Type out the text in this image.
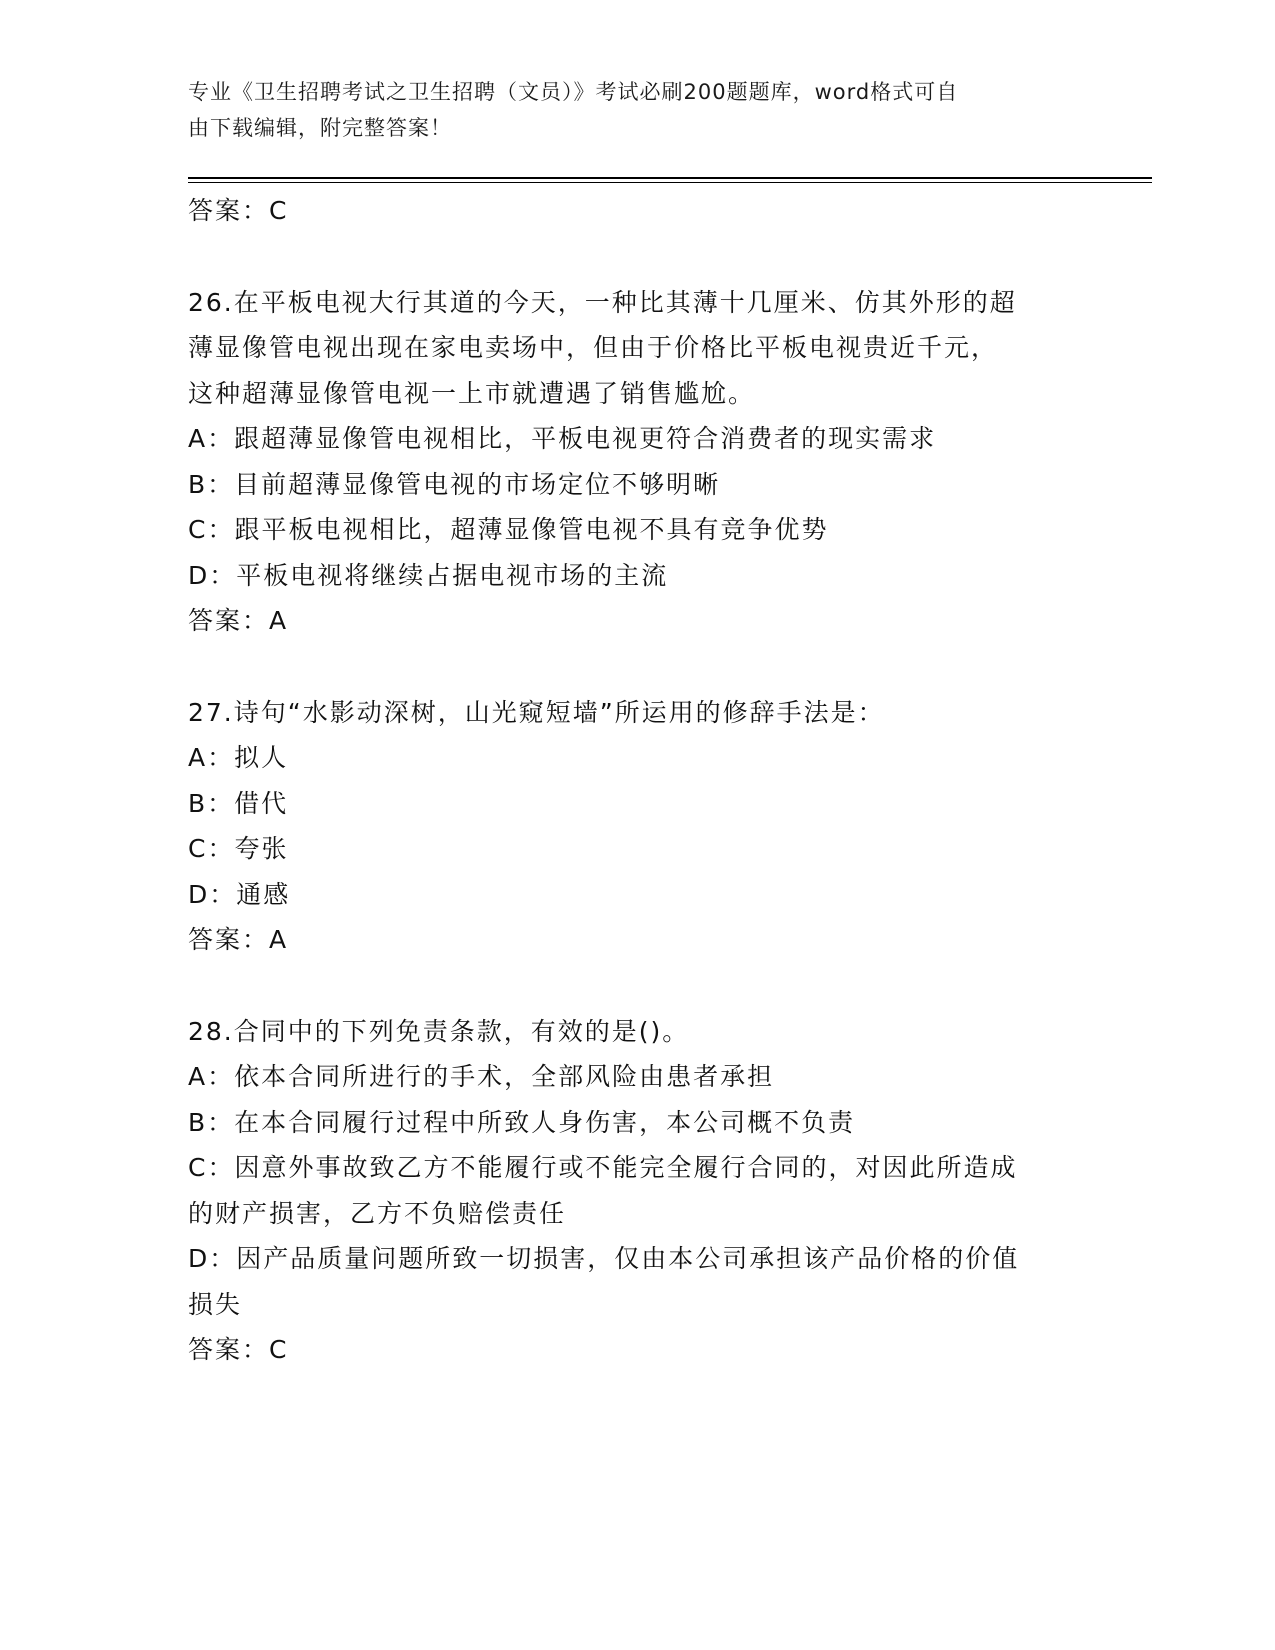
专业《卫生招聘考试之卫生招聘（文员）》考试必刷200题题库，word格式可自
由下载编辑，附完整答案！
答案：C
26.在平板电视大行其道的今天，一种比其薄十几厘米、仿其外形的超
薄显像管电视出现在家电卖场中，但由于价格比平板电视贵近千元，
这种超薄显像管电视一上市就遭遇了销售尴尬。
A：跟超薄显像管电视相比，平板电视更符合消费者的现实需求
B：目前超薄显像管电视的市场定位不够明晰
C：跟平板电视相比，超薄显像管电视不具有竞争优势
D：平板电视将继续占据电视市场的主流
答案：A
27.诗句“水影动深树，山光窥短墙”所运用的修辞手法是：
A：拟人
B：借代
C：夸张
D：通感
答案：A
28.合同中的下列免责条款，有效的是()。
A：依本合同所进行的手术，全部风险由患者承担
B：在本合同履行过程中所致人身伤害，本公司概不负责
C：因意外事故致乙方不能履行或不能完全履行合同的，对因此所造成
的财产损害，乙方不负赔偿责任
D：因产品质量问题所致一切损害，仅由本公司承担该产品价格的价值
损失
答案：C
